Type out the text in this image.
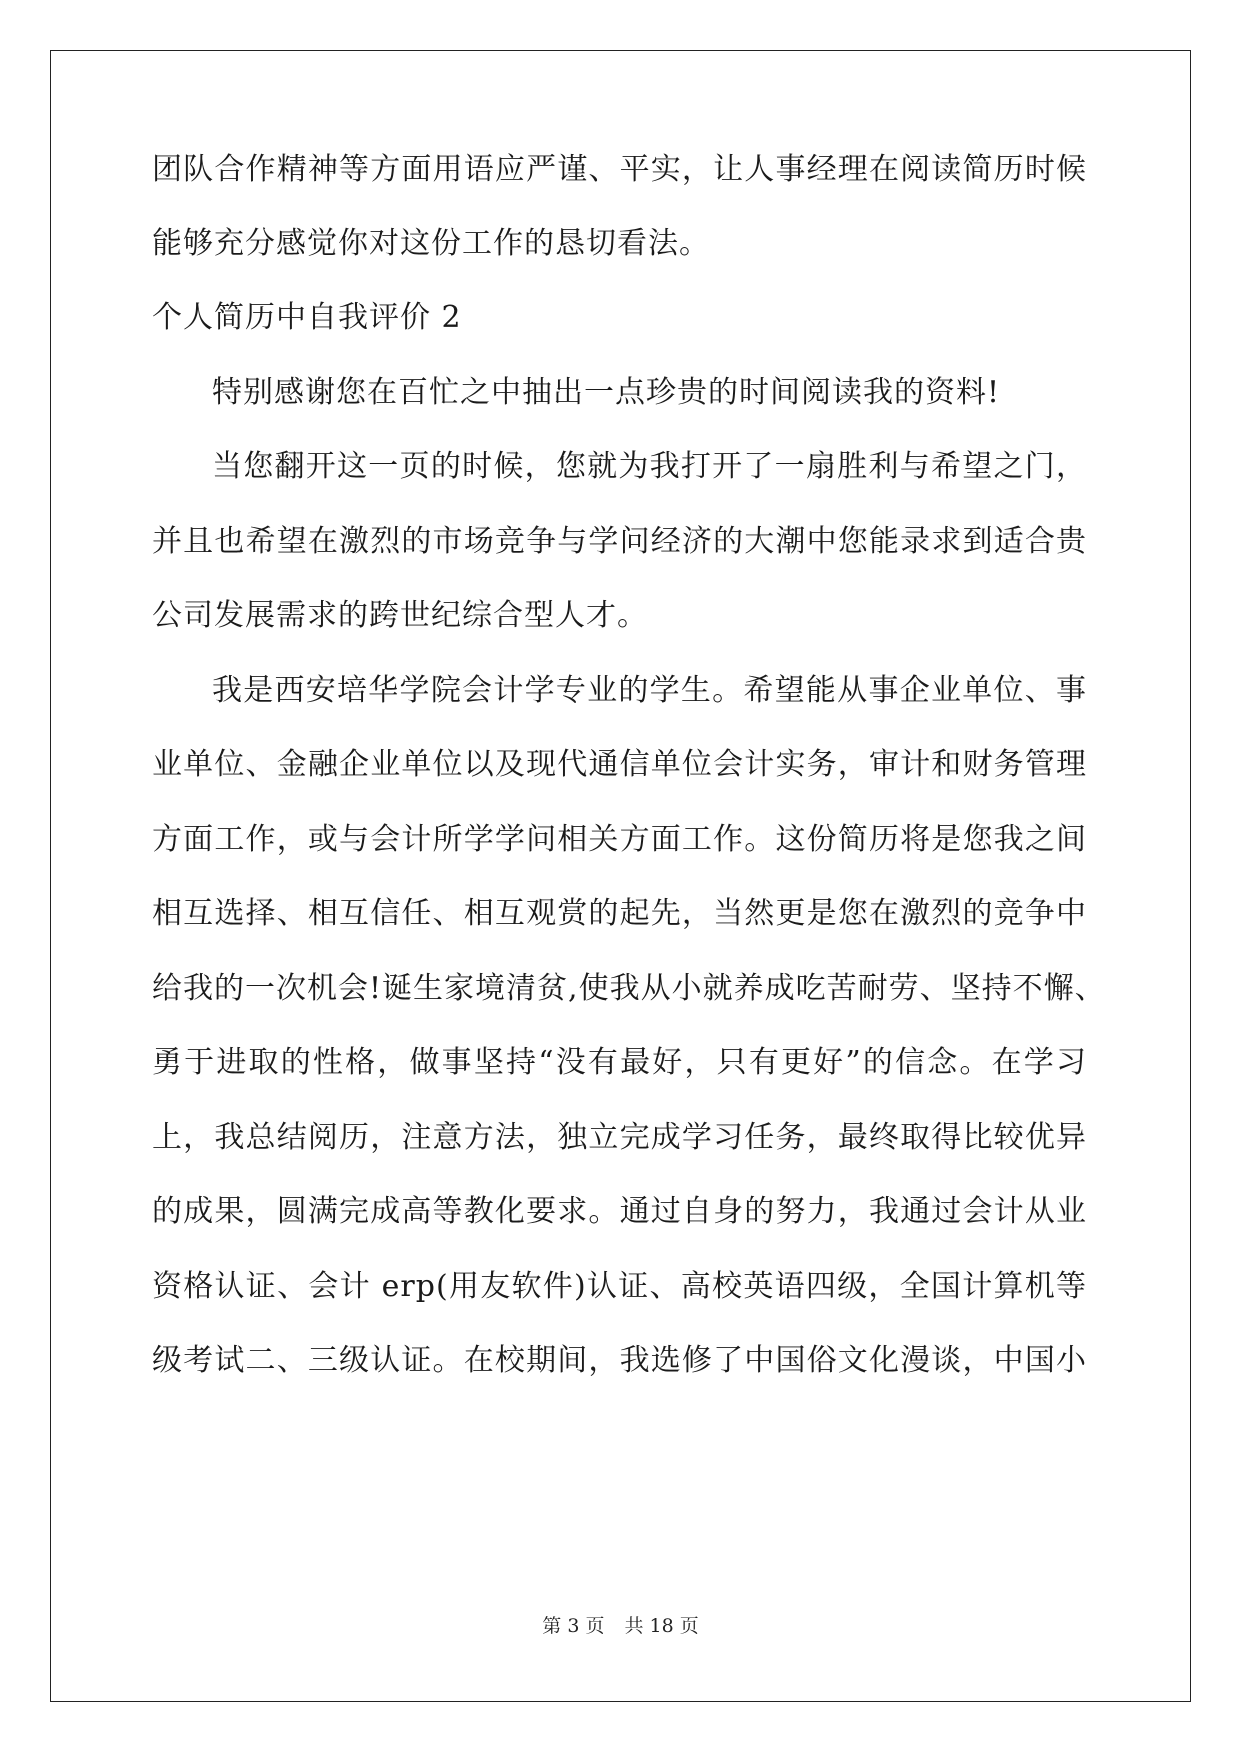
团队合作精神等方面用语应严谨、平实，让人事经理在阅读简历时候
能够充分感觉你对这份工作的恳切看法。
个人简历中自我评价 2
特别感谢您在百忙之中抽出一点珍贵的时间阅读我的资料!
当您翻开这一页的时候，您就为我打开了一扇胜利与希望之门，
并且也希望在激烈的市场竞争与学问经济的大潮中您能录求到适合贵
公司发展需求的跨世纪综合型人才。
我是西安培华学院会计学专业的学生。希望能从事企业单位、事
业单位、金融企业单位以及现代通信单位会计实务，审计和财务管理
方面工作，或与会计所学学问相关方面工作。这份简历将是您我之间
相互选择、相互信任、相互观赏的起先，当然更是您在激烈的竞争中
给我的一次机会!诞生家境清贫,使我从小就养成吃苦耐劳、坚持不懈、
勇于进取的性格，做事坚持“没有最好，只有更好”的信念。在学习
上，我总结阅历，注意方法，独立完成学习任务，最终取得比较优异
的成果，圆满完成高等教化要求。通过自身的努力，我通过会计从业
资格认证、会计 erp(用友软件)认证、高校英语四级，全国计算机等
级考试二、三级认证。在校期间，我选修了中国俗文化漫谈，中国小
第 3 页 共 18 页
